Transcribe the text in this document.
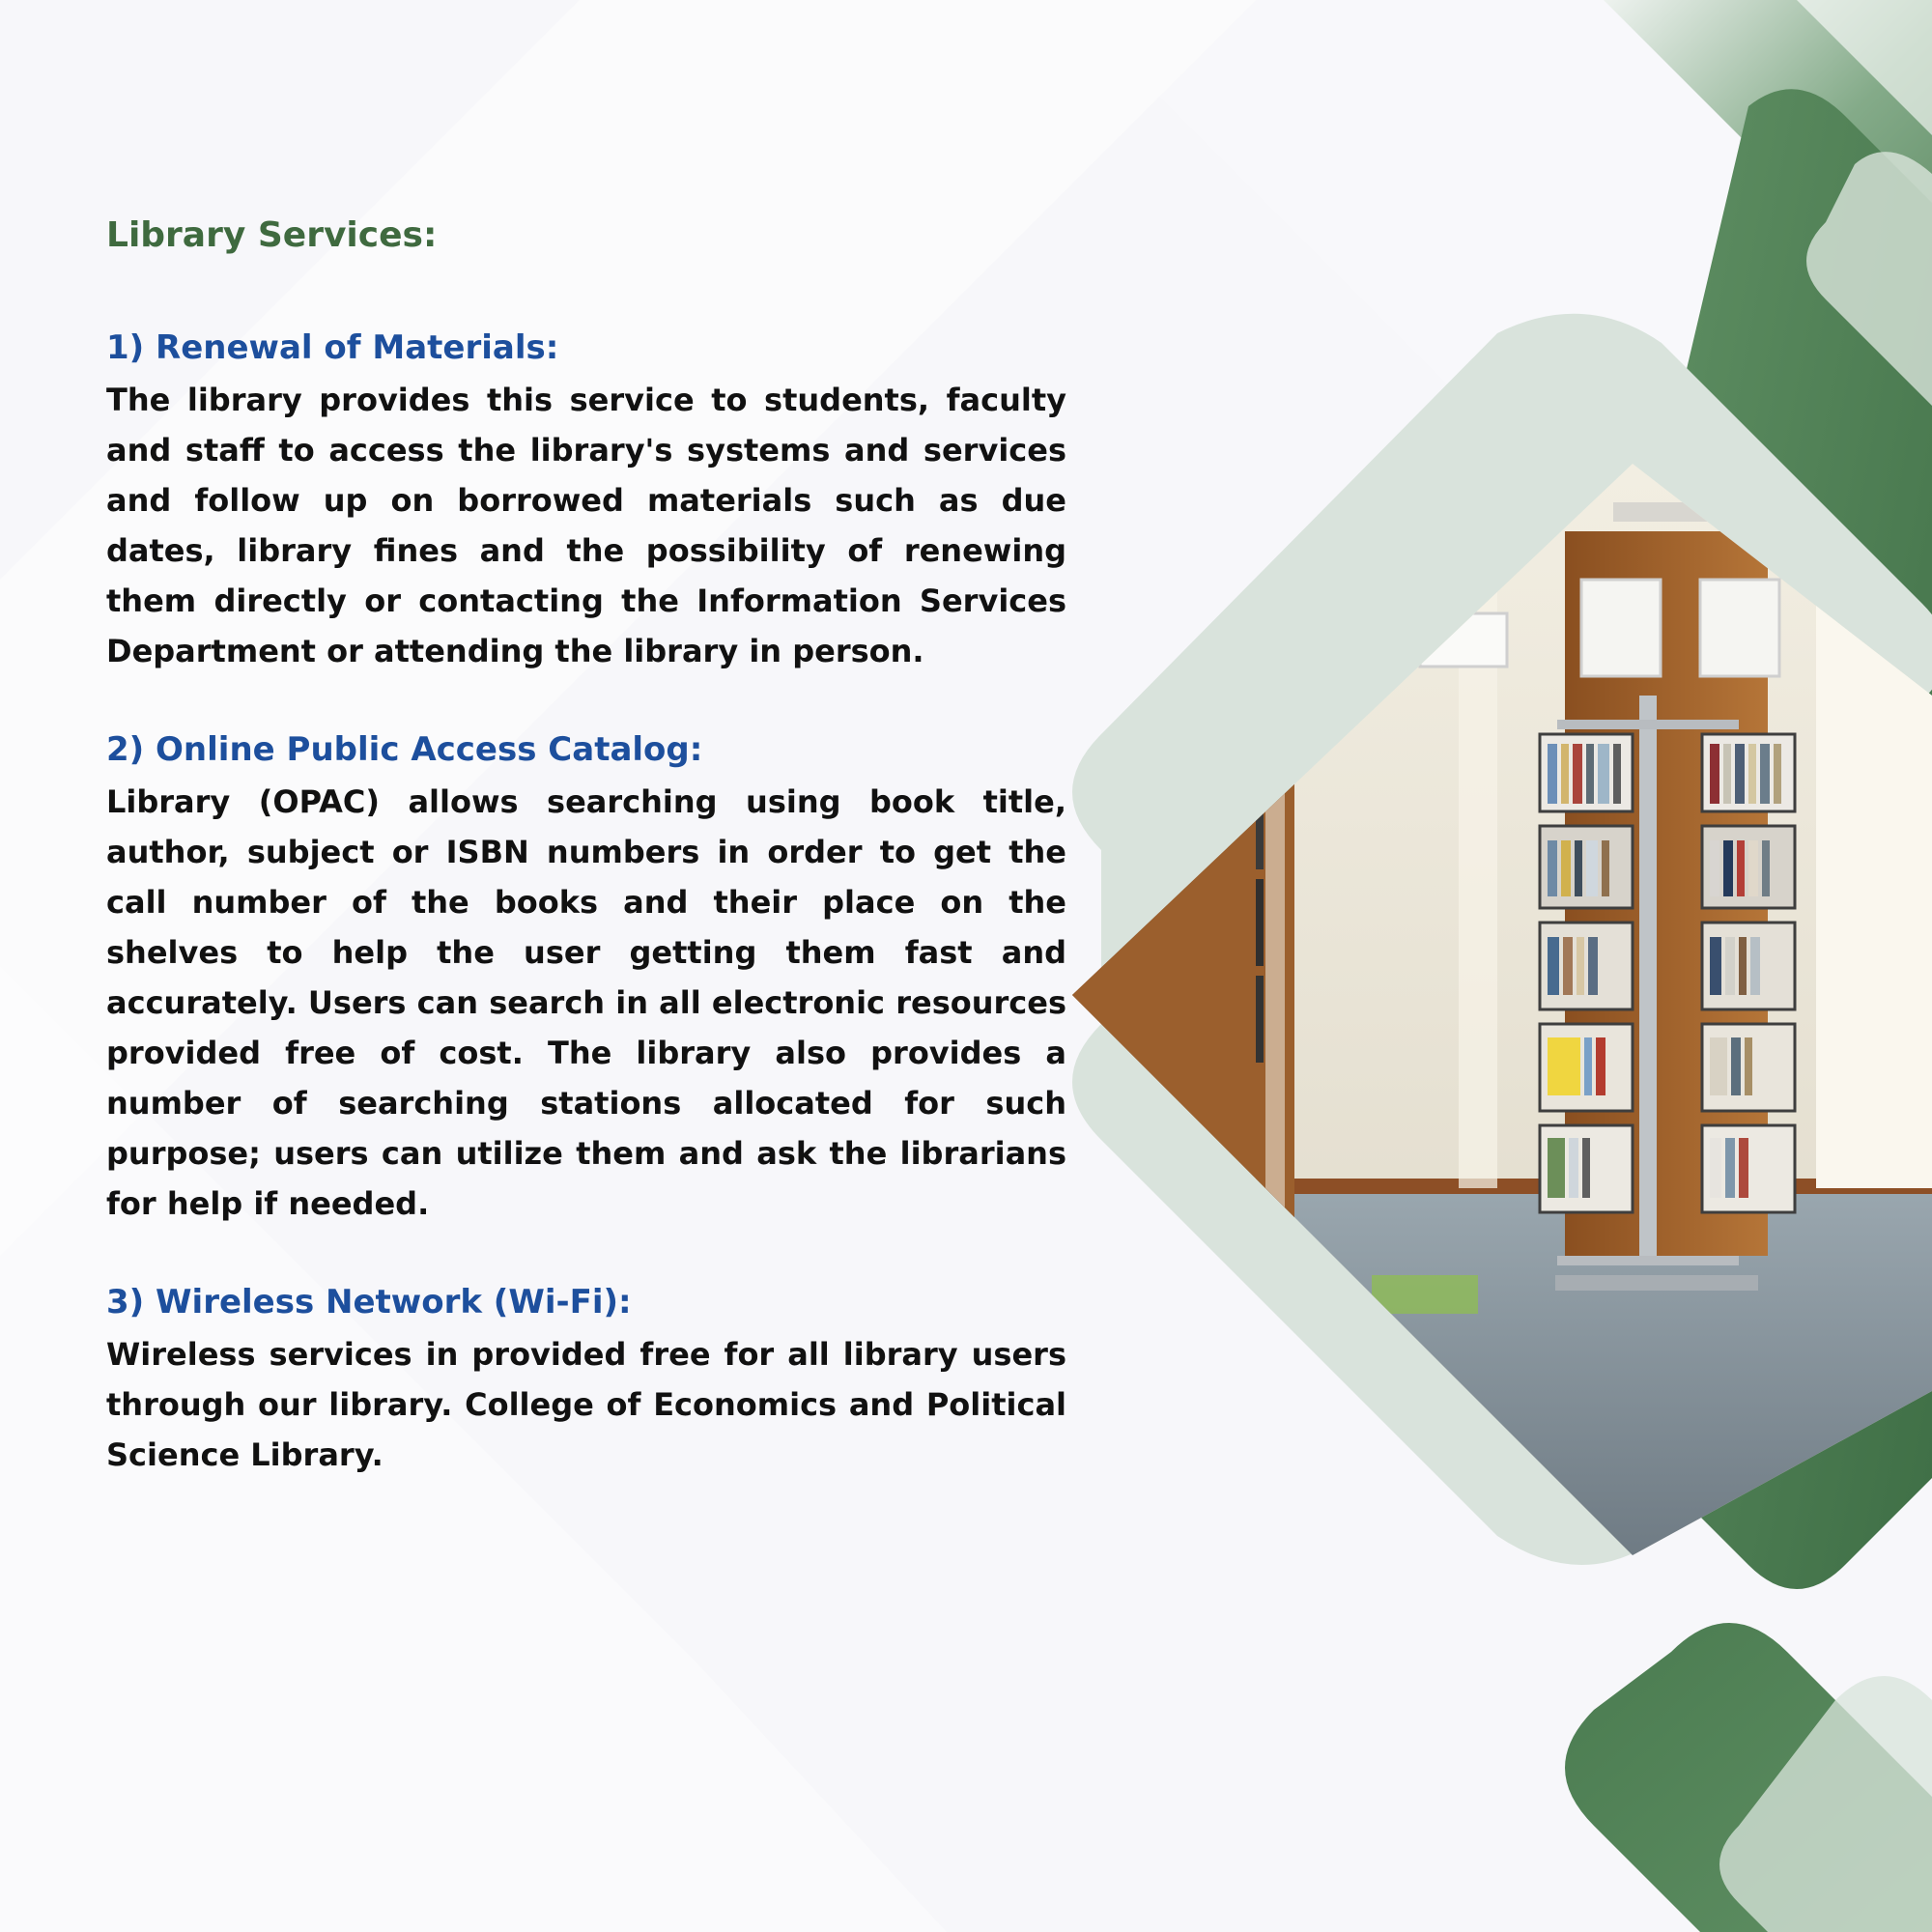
Library Services:
1) Renewal of Materials:

The library provides this service to students, faculty and staff to access the library's systems and services and follow up on borrowed materials such as due dates, library fines and the possibility of renewing them directly or contacting the Information Services Department or attending the library in person.

2) Online Public Access Catalog:

Library (OPAC) allows searching using book title, author, subject or ISBN numbers in order to get the call number of the books and their place on the shelves to help the user getting them fast and accurately. Users can search in all electronic resources provided free of cost. The library also provides a number of searching stations allocated for such purpose; users can utilize them and ask the librarians for help if needed.

3) Wireless Network (Wi-Fi):

Wireless services in provided free for all library users through our library. College of Economics and Political Science Library.
